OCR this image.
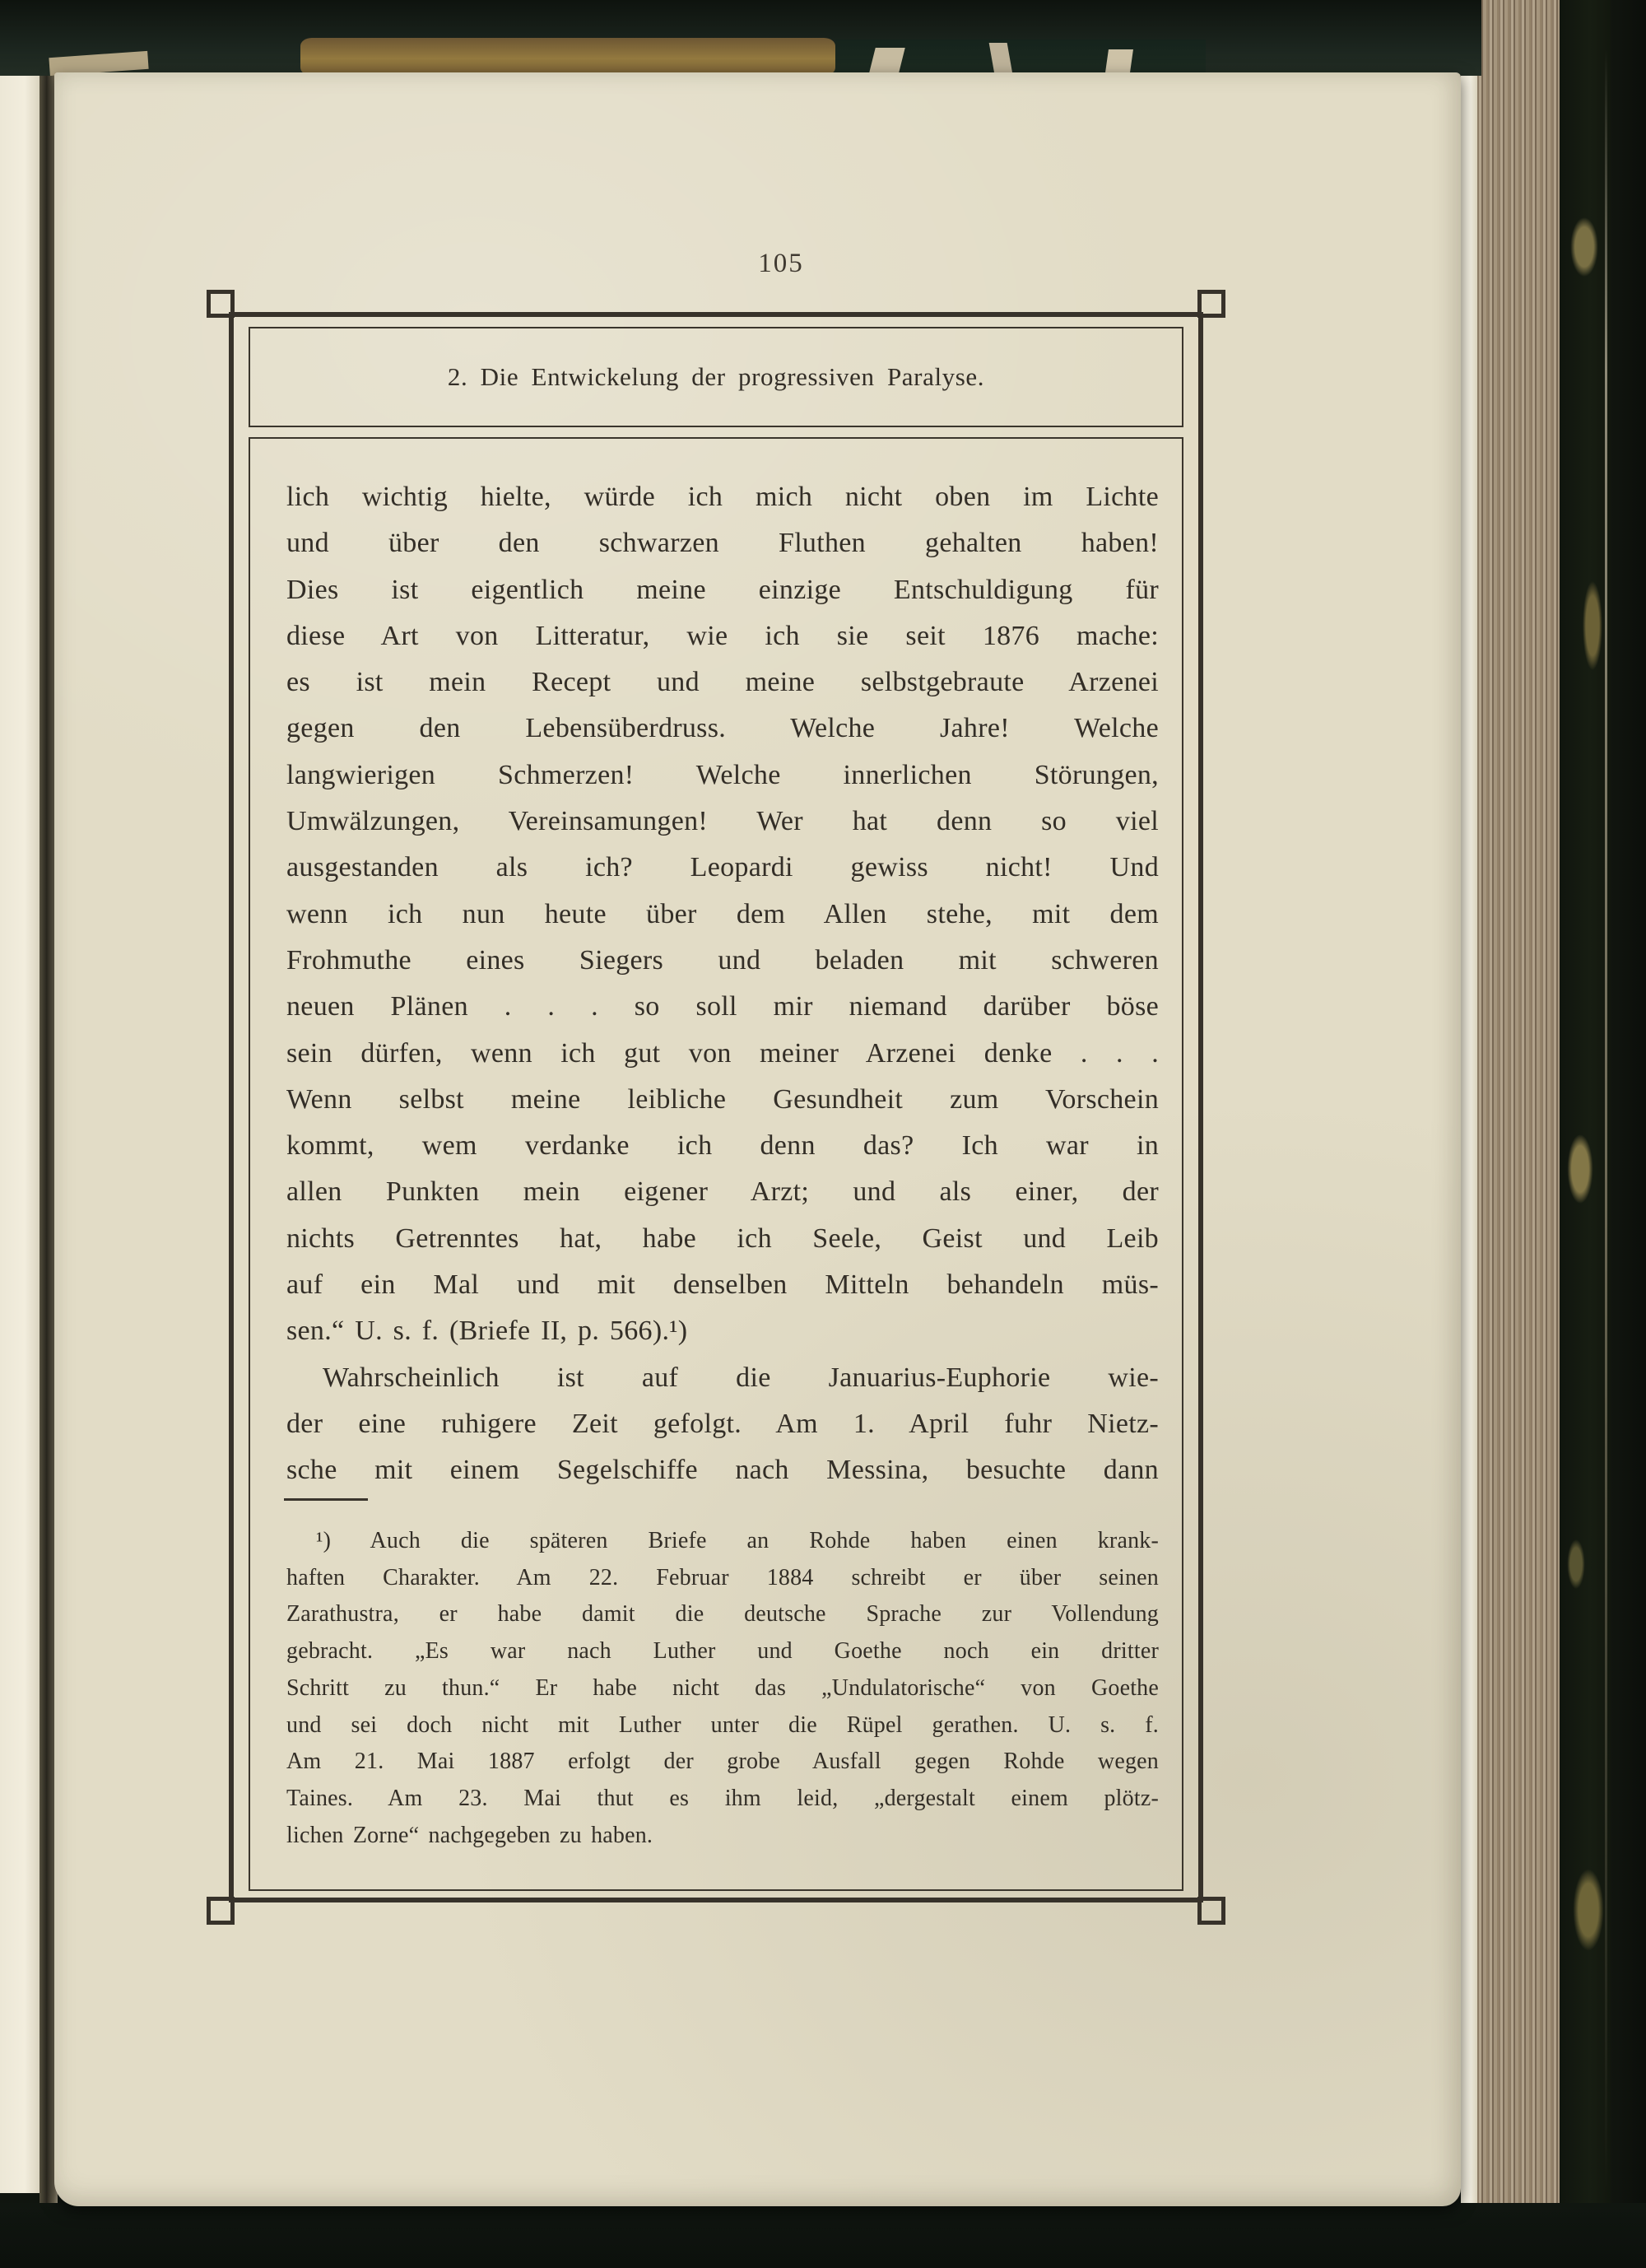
105
2. Die Entwickelung der progressiven Paralyse.
lich wichtig hielte, würde ich mich nicht oben im Lichte
und über den schwarzen Fluthen gehalten haben!
Dies ist eigentlich meine einzige Entschuldigung für
diese Art von Litteratur, wie ich sie seit 1876 mache:
es ist mein Recept und meine selbstgebraute Arzenei
gegen den Lebensüberdruss. Welche Jahre! Welche
langwierigen Schmerzen! Welche innerlichen Störungen,
Umwälzungen, Vereinsamungen! Wer hat denn so viel
ausgestanden als ich? Leopardi gewiss nicht! Und
wenn ich nun heute über dem Allen stehe, mit dem
Frohmuthe eines Siegers und beladen mit schweren
neuen Plänen . . . so soll mir niemand darüber böse
sein dürfen, wenn ich gut von meiner Arzenei denke . . .
Wenn selbst meine leibliche Gesundheit zum Vorschein
kommt, wem verdanke ich denn das? Ich war in
allen Punkten mein eigener Arzt; und als einer, der
nichts Getrenntes hat, habe ich Seele, Geist und Leib
auf ein Mal und mit denselben Mitteln behandeln müs-
sen.“ U. s. f. (Briefe II, p. 566).¹)
Wahrscheinlich ist auf die Januarius-Euphorie wie-
der eine ruhigere Zeit gefolgt. Am 1. April fuhr Nietz-
sche mit einem Segelschiffe nach Messina, besuchte dann
¹) Auch die späteren Briefe an Rohde haben einen krank-
haften Charakter. Am 22. Februar 1884 schreibt er über seinen
Zarathustra, er habe damit die deutsche Sprache zur Vollendung
gebracht. „Es war nach Luther und Goethe noch ein dritter
Schritt zu thun.“ Er habe nicht das „Undulatorische“ von Goethe
und sei doch nicht mit Luther unter die Rüpel gerathen. U. s. f.
Am 21. Mai 1887 erfolgt der grobe Ausfall gegen Rohde wegen
Taines. Am 23. Mai thut es ihm leid, „dergestalt einem plötz-
lichen Zorne“ nachgegeben zu haben.
